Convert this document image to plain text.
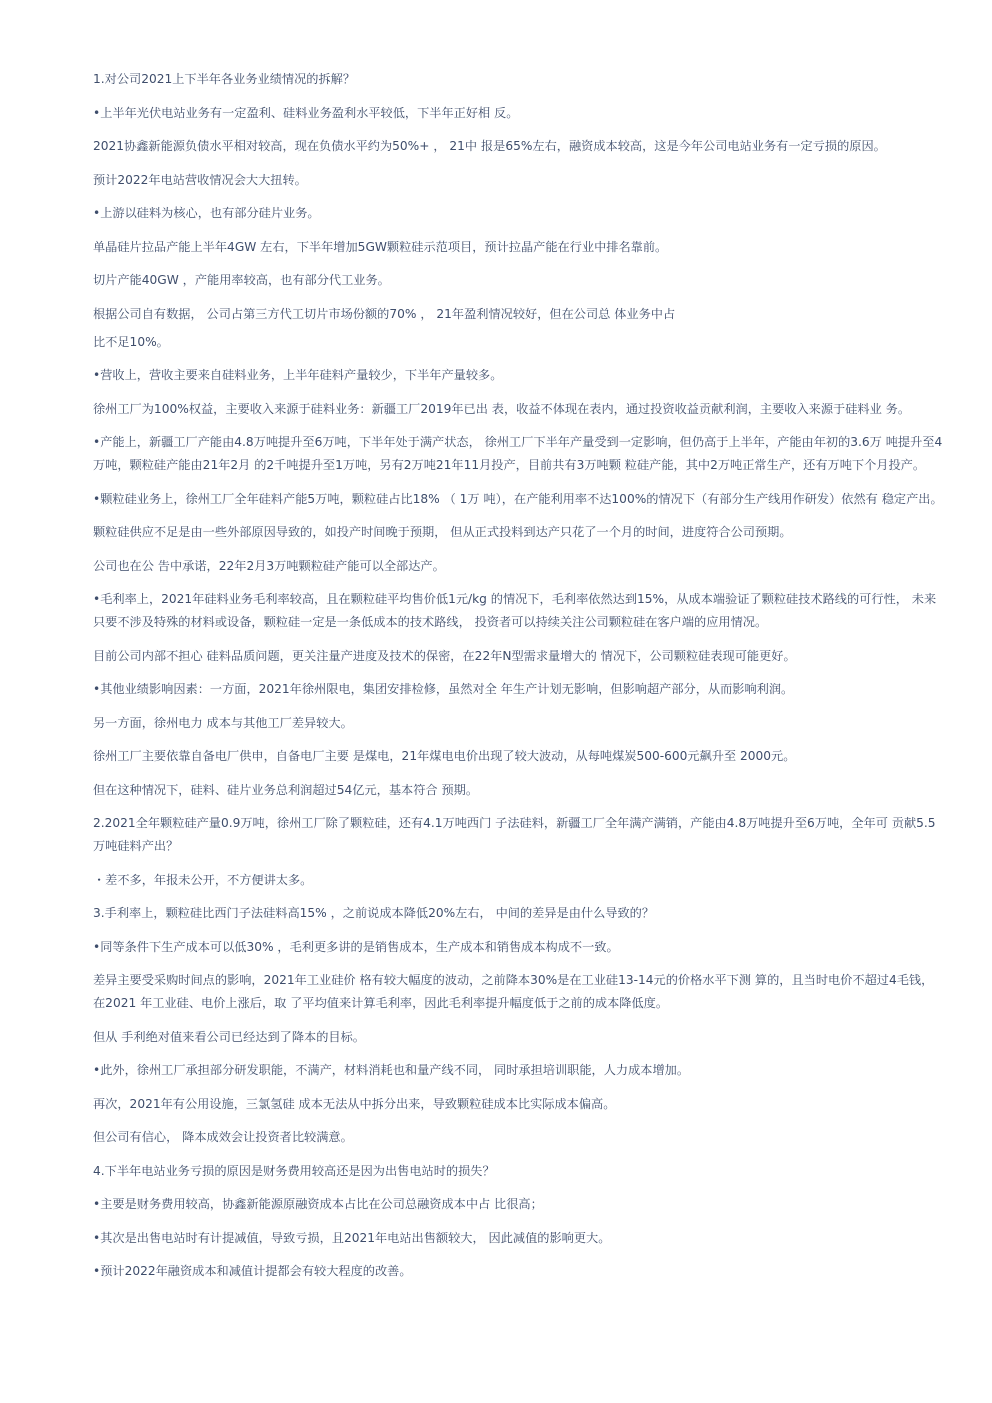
1.对公司2021上下半年各业务业绩情况的拆解？

•上半年光伏电站业务有一定盈利、硅料业务盈利水平较低，下半年正好相 反。

2021协鑫新能源负债水平相对较高，现在负债水平约为50%+ ， 21中 报是65%左右，融资成本较高，这是今年公司电站业务有一定亏损的原因。

预计2022年电站营收情况会大大扭转。

•上游以硅料为核心，也有部分硅片业务。

单晶硅片拉品产能上半年4GW 左右，下半年增加5GW颗粒硅示范项目，预计拉晶产能在行业中排名靠前。

切片产能40GW ，产能用率较高，也有部分代工业务。

根据公司自有数据， 公司占第三方代工切片市场份额的70% ， 21年盈利情况较好，但在公司总 体业务中占

比不足10%。

•营收上，营收主要来自硅料业务，上半年硅料产量较少，下半年产量较多。

徐州工厂为100%权益，主要收入来源于硅料业务：新疆工厂2019年已出 表，收益不体现在表内，通过投资收益贡献利润，主要收入来源于硅料业 务。

•产能上，新疆工厂产能由4.8万吨提升至6万吨，下半年处于满产状态， 徐州工厂下半年产量受到一定影响，但仍高于上半年，产能由年初的3.6万 吨提升至4万吨，颗粒硅产能由21年2月 的2千吨提升至1万吨，另有2万吨21年11月投产，目前共有3万吨颗 粒硅产能，其中2万吨正常生产，还有万吨下个月投产。

•颗粒硅业务上，徐州工厂全年硅料产能5万吨，颗粒硅占比18% （ 1万 吨），在产能利用率不达100%的情况下（有部分生产线用作研发）依然有 稳定产出。

颗粒硅供应不足是由一些外部原因导致的，如投产时间晚于预期， 但从正式投料到达产只花了一个月的时间，进度符合公司预期。

公司也在公 告中承诺，22年2月3万吨颗粒硅产能可以全部达产。

•毛利率上，2021年硅料业务毛利率较高，且在颗粒硅平均售价低1元/kg 的情况下，毛利率依然达到15%，从成本端验证了颗粒硅技术路线的可行性， 未来只要不涉及特殊的材料或设备，颗粒硅一定是一条低成本的技术路线， 投资者可以持续关注公司颗粒硅在客户端的应用情况。

目前公司内部不担心 硅料品质问题，更关注量产进度及技术的保密，在22年N型需求量增大的 情况下，公司颗粒硅表现可能更好。

•其他业绩影响因素：一方面，2021年徐州限电，集团安排检修，虽然对全 年生产计划无影响，但影响超产部分，从而影响利润。

另一方面，徐州电力 成本与其他工厂差异较大。

徐州工厂主要依靠自备电厂供申，自备电厂主要 是煤电，21年煤电电价出现了较大波动，从每吨煤炭500-600元飙升至 2000元。

但在这种情况下，硅料、硅片业务总利润超过54亿元，基本符合 预期。

2.2021全年颗粒硅产量0.9万吨，徐州工厂除了颗粒硅，还有4.1万吨西门 子法硅料，新疆工厂全年满产满销，产能由4.8万吨提升至6万吨，全年可 贡献5.5万吨硅料产出？

・差不多，年报未公开，不方便讲太多。

3.手利率上，颗粒硅比西门子法硅料高15% ，之前说成本降低20%左右， 中间的差异是由什么导致的？

•同等条件下生产成本可以低30% ，毛利更多讲的是销售成本，生产成本和销售成本构成不一致。

差异主要受采购时间点的影响，2021年工业硅价 格有较大幅度的波动，之前降本30%是在工业硅13-14元的价格水平下测 算的，且当时电价不超过4毛钱，在2021 年工业硅、电价上涨后，取 了平均值来计算毛利率，因此毛利率提升幅度低于之前的成本降低度。

但从 手利绝对值来看公司已经达到了降本的目标。

•此外，徐州工厂承担部分研发职能，不满产，材料消耗也和量产线不同， 同时承担培训职能，人力成本增加。

再次，2021年有公用设施，三氯氢硅 成本无法从中拆分出来，导致颗粒硅成本比实际成本偏高。

但公司有信心， 降本成效会让投资者比较满意。

4.下半年电站业务亏损的原因是财务费用较高还是因为出售电站时的损失？

•主要是财务费用较高，协鑫新能源原融资成本占比在公司总融资成本中占 比很高；

•其次是出售电站时有计提减值，导致亏损，且2021年电站出售额较大， 因此减值的影响更大。

•预计2022年融资成本和减值计提都会有较大程度的改善。
